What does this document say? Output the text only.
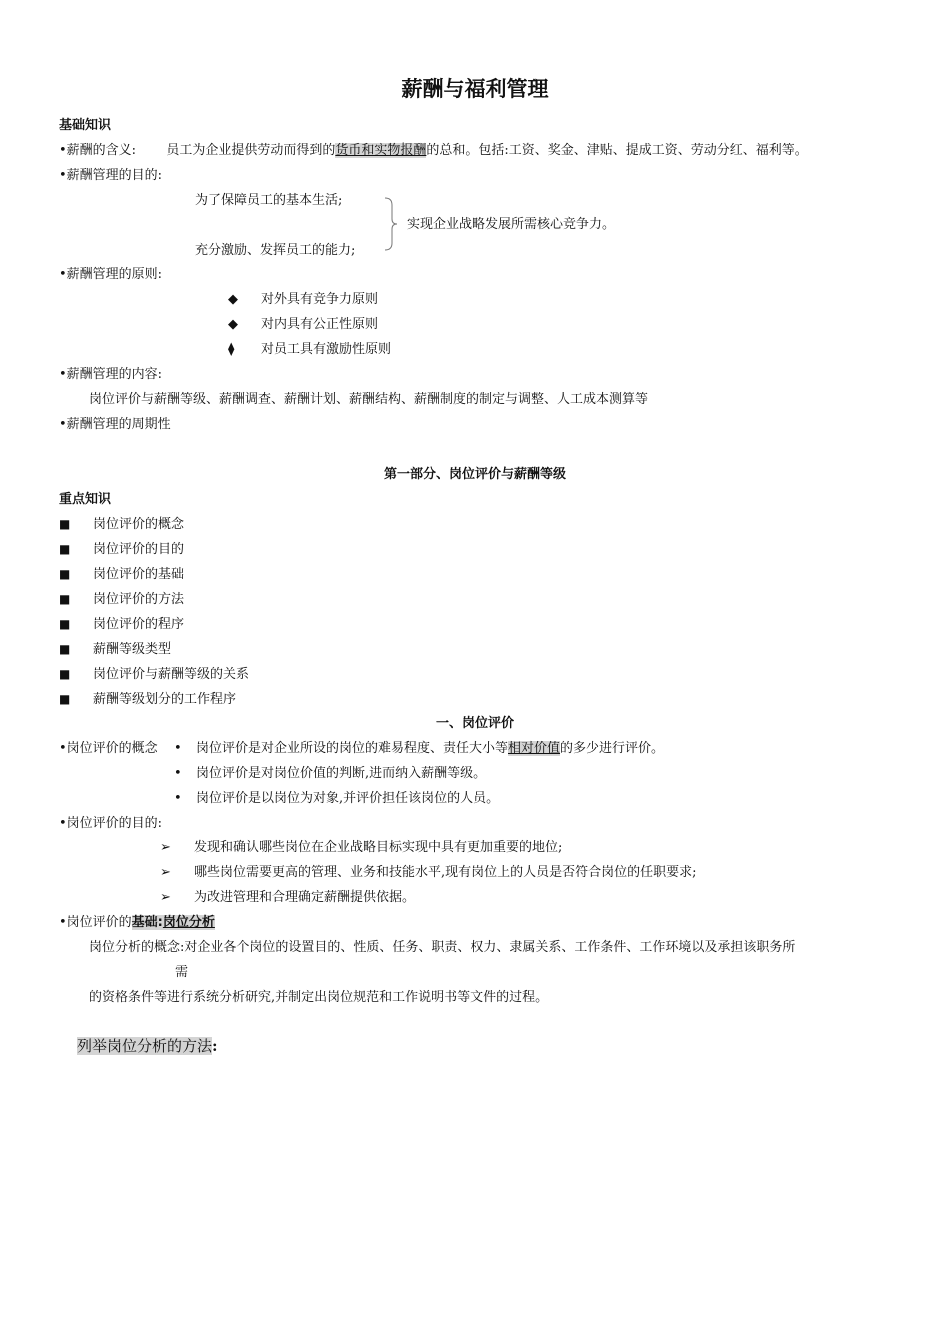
薪酬与福利管理
基础知识
•薪酬的含义: 员工为企业提供劳动而得到的货币和实物报酬的总和。包括:工资、奖金、津贴、提成工资、劳动分红、福利等。
•薪酬管理的目的:
为了保障员工的基本生活;
充分激励、发挥员工的能力;
实现企业战略发展所需核心竞争力。
•薪酬管理的原则:
◆ 对外具有竞争力原则
◆ 对内具有公正性原则
⧫ 对员工具有激励性原则
•薪酬管理的内容:
岗位评价与薪酬等级、薪酬调查、薪酬计划、薪酬结构、薪酬制度的制定与调整、人工成本测算等
•薪酬管理的周期性
第一部分、岗位评价与薪酬等级
重点知识
■ 岗位评价的概念
■ 岗位评价的目的
■ 岗位评价的基础
■ 岗位评价的方法
■ 岗位评价的程序
■ 薪酬等级类型
■ 岗位评价与薪酬等级的关系
■ 薪酬等级划分的工作程序
一、岗位评价
•岗位评价的概念 • 岗位评价是对企业所设的岗位的难易程度、责任大小等相对价值的多少进行评价。
• 岗位评价是对岗位价值的判断,进而纳入薪酬等级。
• 岗位评价是以岗位为对象,并评价担任该岗位的人员。
•岗位评价的目的:
➢ 发现和确认哪些岗位在企业战略目标实现中具有更加重要的地位;
➢ 哪些岗位需要更高的管理、业务和技能水平,现有岗位上的人员是否符合岗位的任职要求;
➢ 为改进管理和合理确定薪酬提供依据。
•岗位评价的基础:岗位分析
岗位分析的概念:对企业各个岗位的设置目的、性质、任务、职责、权力、隶属关系、工作条件、工作环境以及承担该职务所
需
的资格条件等进行系统分析研究,并制定出岗位规范和工作说明书等文件的过程。
列举岗位分析的方法:
